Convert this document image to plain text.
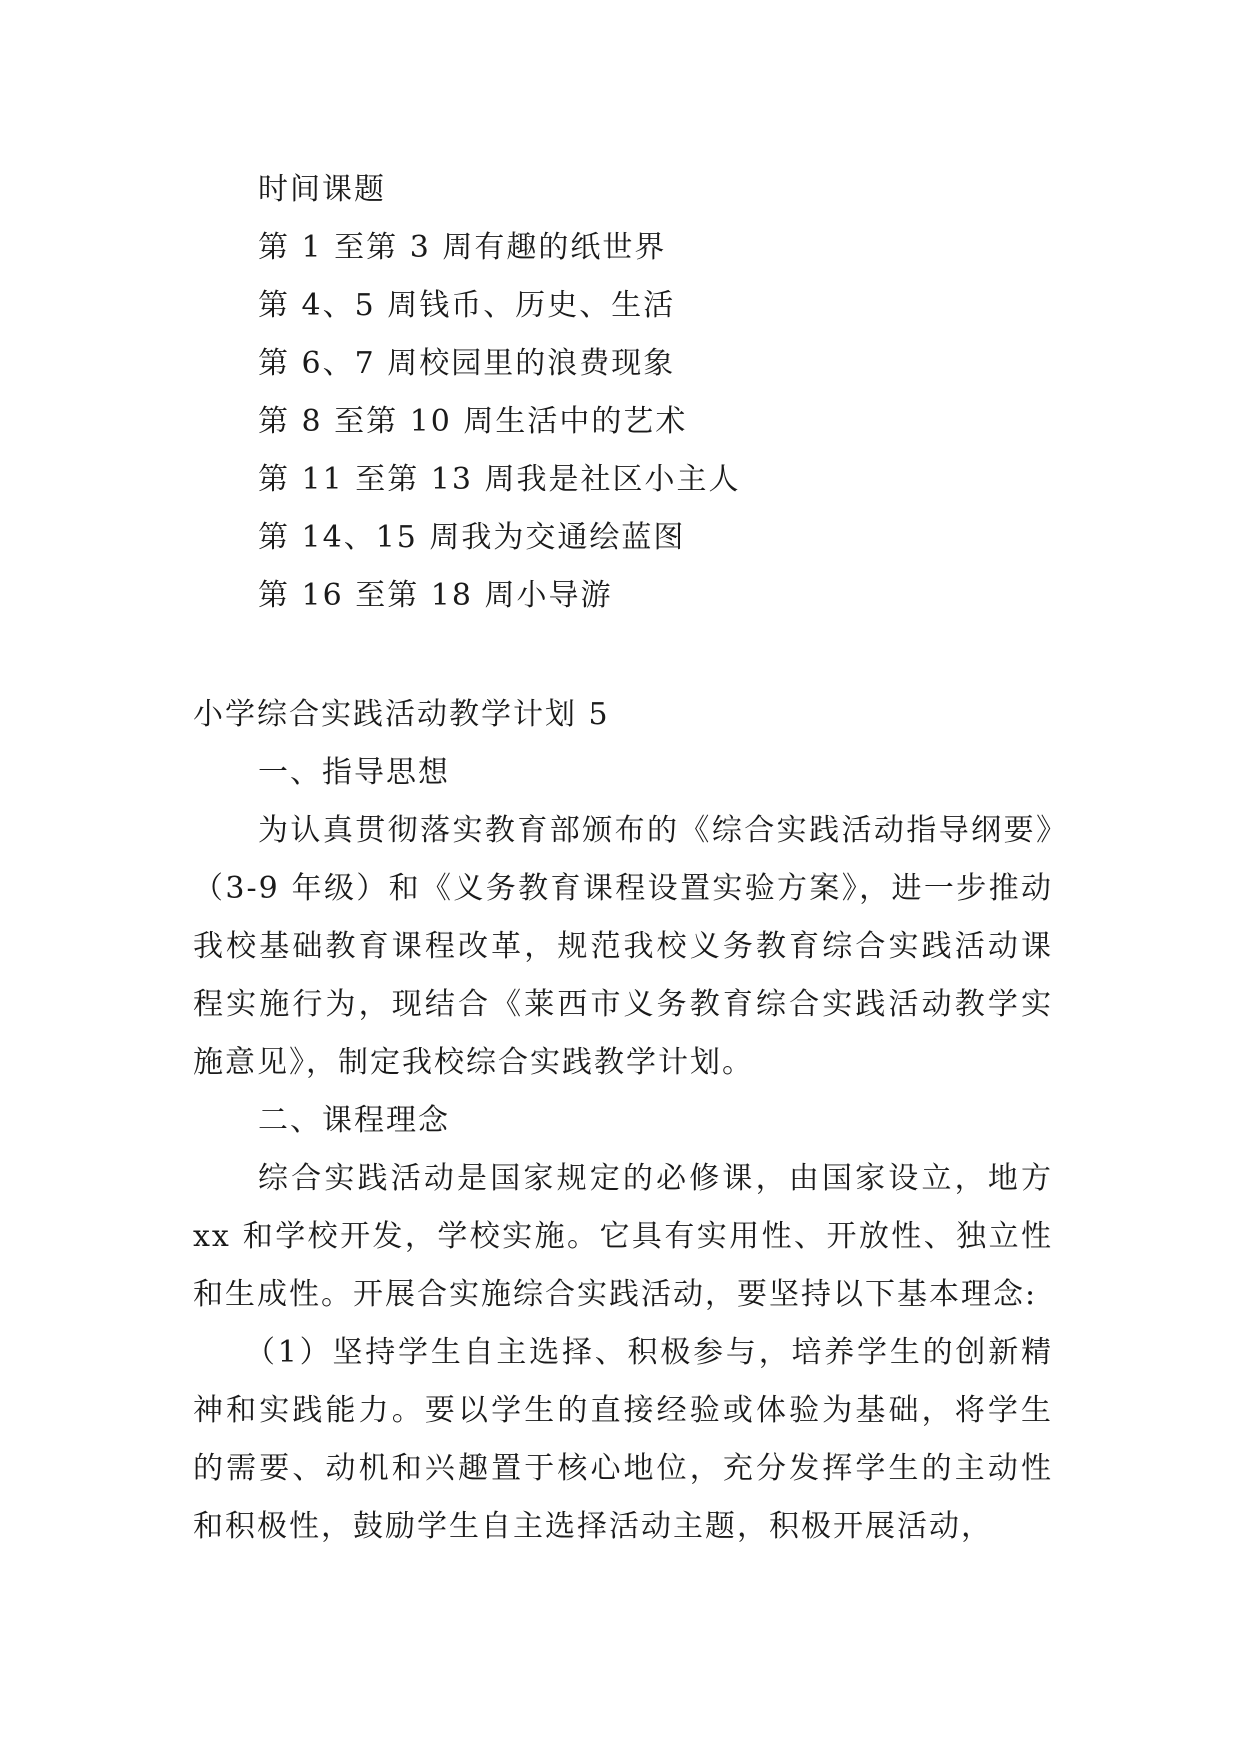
时间课题
第 1 至第 3 周有趣的纸世界
第 4、5 周钱币、历史、生活
第 6、7 周校园里的浪费现象
第 8 至第 10 周生活中的艺术
第 11 至第 13 周我是社区小主人
第 14、15 周我为交通绘蓝图
第 16 至第 18 周小导游
小学综合实践活动教学计划 5
一、指导思想

为认真贯彻落实教育部颁布的《综合实践活动指导纲要》（3-9 年级）和《义务教育课程设置实验方案》，进一步推动我校基础教育课程改革，规范我校义务教育综合实践活动课程实施行为，现结合《莱西市义务教育综合实践活动教学实施意见》，制定我校综合实践教学计划。

二、课程理念

综合实践活动是国家规定的必修课，由国家设立，地方 xx 和学校开发，学校实施。它具有实用性、开放性、独立性和生成性。开展合实施综合实践活动，要坚持以下基本理念:

（1）坚持学生自主选择、积极参与，培养学生的创新精神和实践能力。要以学生的直接经验或体验为基础，将学生的需要、动机和兴趣置于核心地位，充分发挥学生的主动性和积极性，鼓励学生自主选择活动主题，积极开展活动，
